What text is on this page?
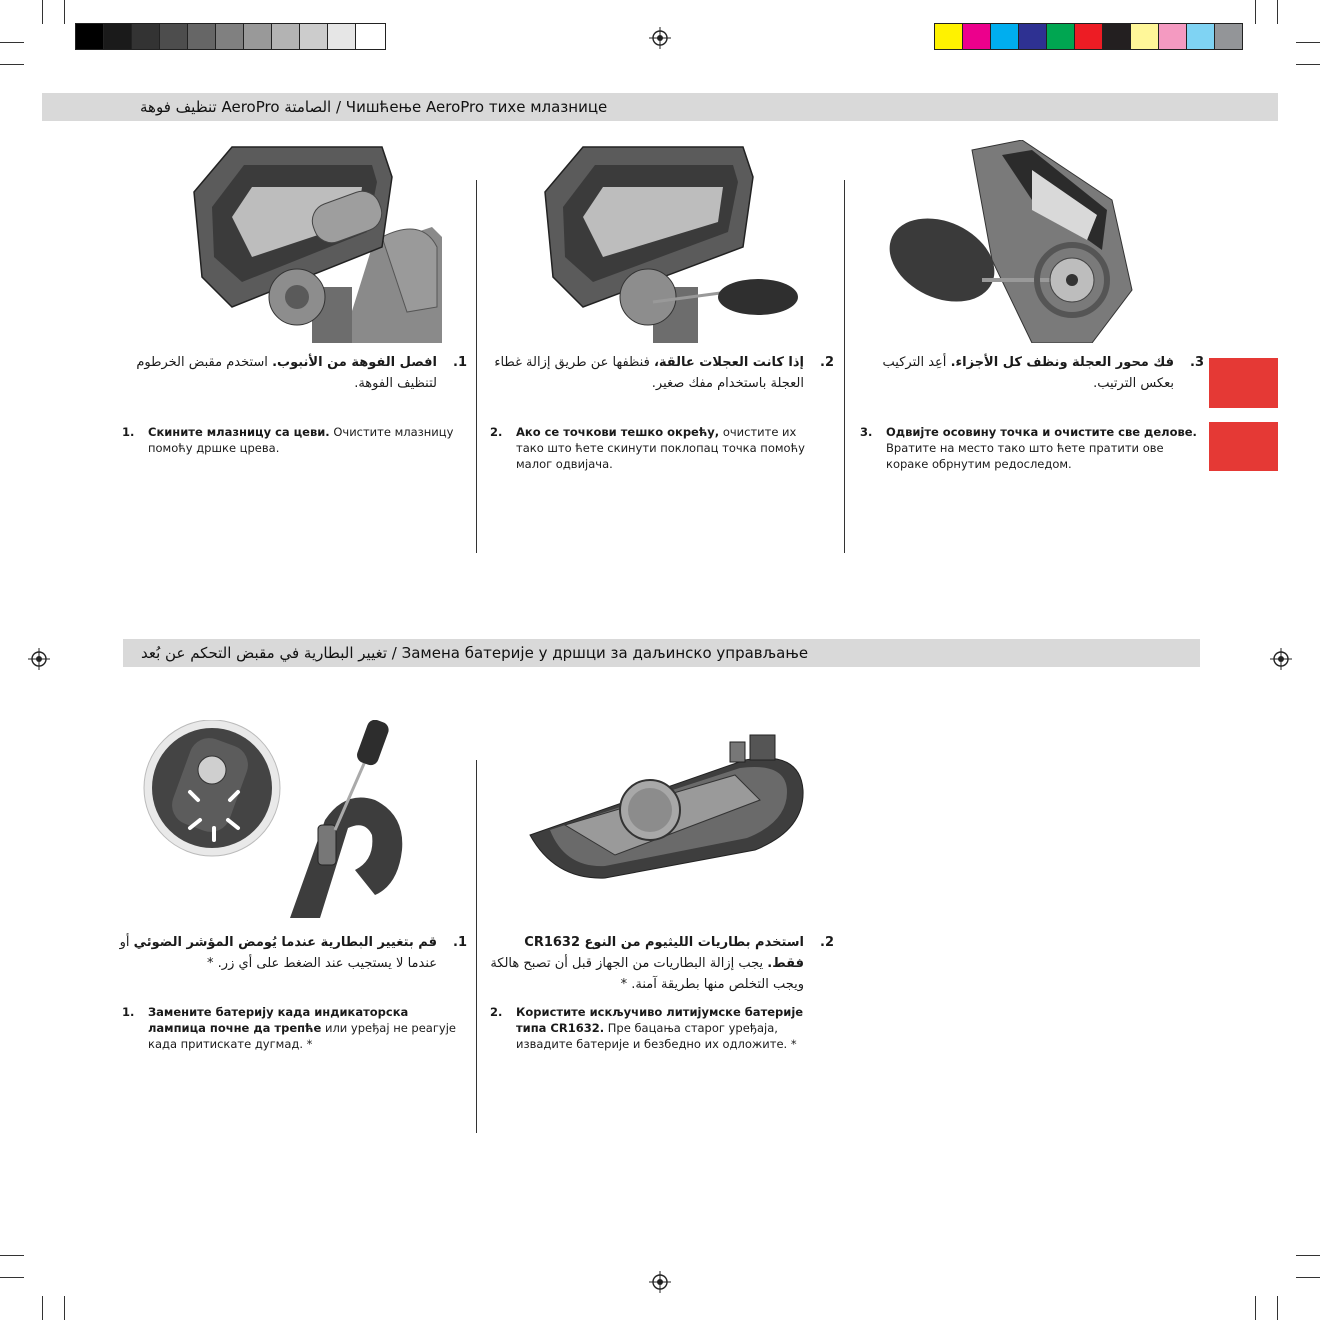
تنظيف فوهة AeroPro الصامتة / Чишћење AeroPro тихе млазнице
.1
افصل الفوهة من الأنبوب. استخدم مقبض الخرطوم لتنظيف الفوهة.
1. Скините млазницу са цеви. Очистите млазницу помоћу дршке црева.
.2
إذا كانت العجلات عالقة، فنظفها عن طريق إزالة غطاء العجلة باستخدام مفك صغير.
2. Ако се точкови тешко окрећу, очистите их тако што ћете скинути поклопац точка помоћу малог одвијача.
.3
فك محور العجلة ونظف كل الأجزاء. أعِد التركيب بعكس الترتيب.
3. Одвијте осовину точка и очистите све делове. Вратите на место тако што ћете пратити ове кораке обрнутим редоследом.
تغيير البطارية في مقبض التحكم عن بُعد / Замена батерије у дршци за даљинско управљање
.1
قم بتغيير البطارية عندما يُومض المؤشر الضوئي أو عندما لا يستجيب عند الضغط على أي زر. *
1. Замените батерију када индикаторска лампица почне да трепће или уређај не реагује када притискате дугмад. *
.2
استخدم بطاريات الليثيوم من النوع CR1632 فقط. يجب إزالة البطاريات من الجهاز قبل أن تصبح هالكة ويجب التخلص منها بطريقة آمنة. *
2. Користите искључиво литијумске батерије типа CR1632. Пре бацања старог уређаја, извадите батерије и безбедно их одложите. *
